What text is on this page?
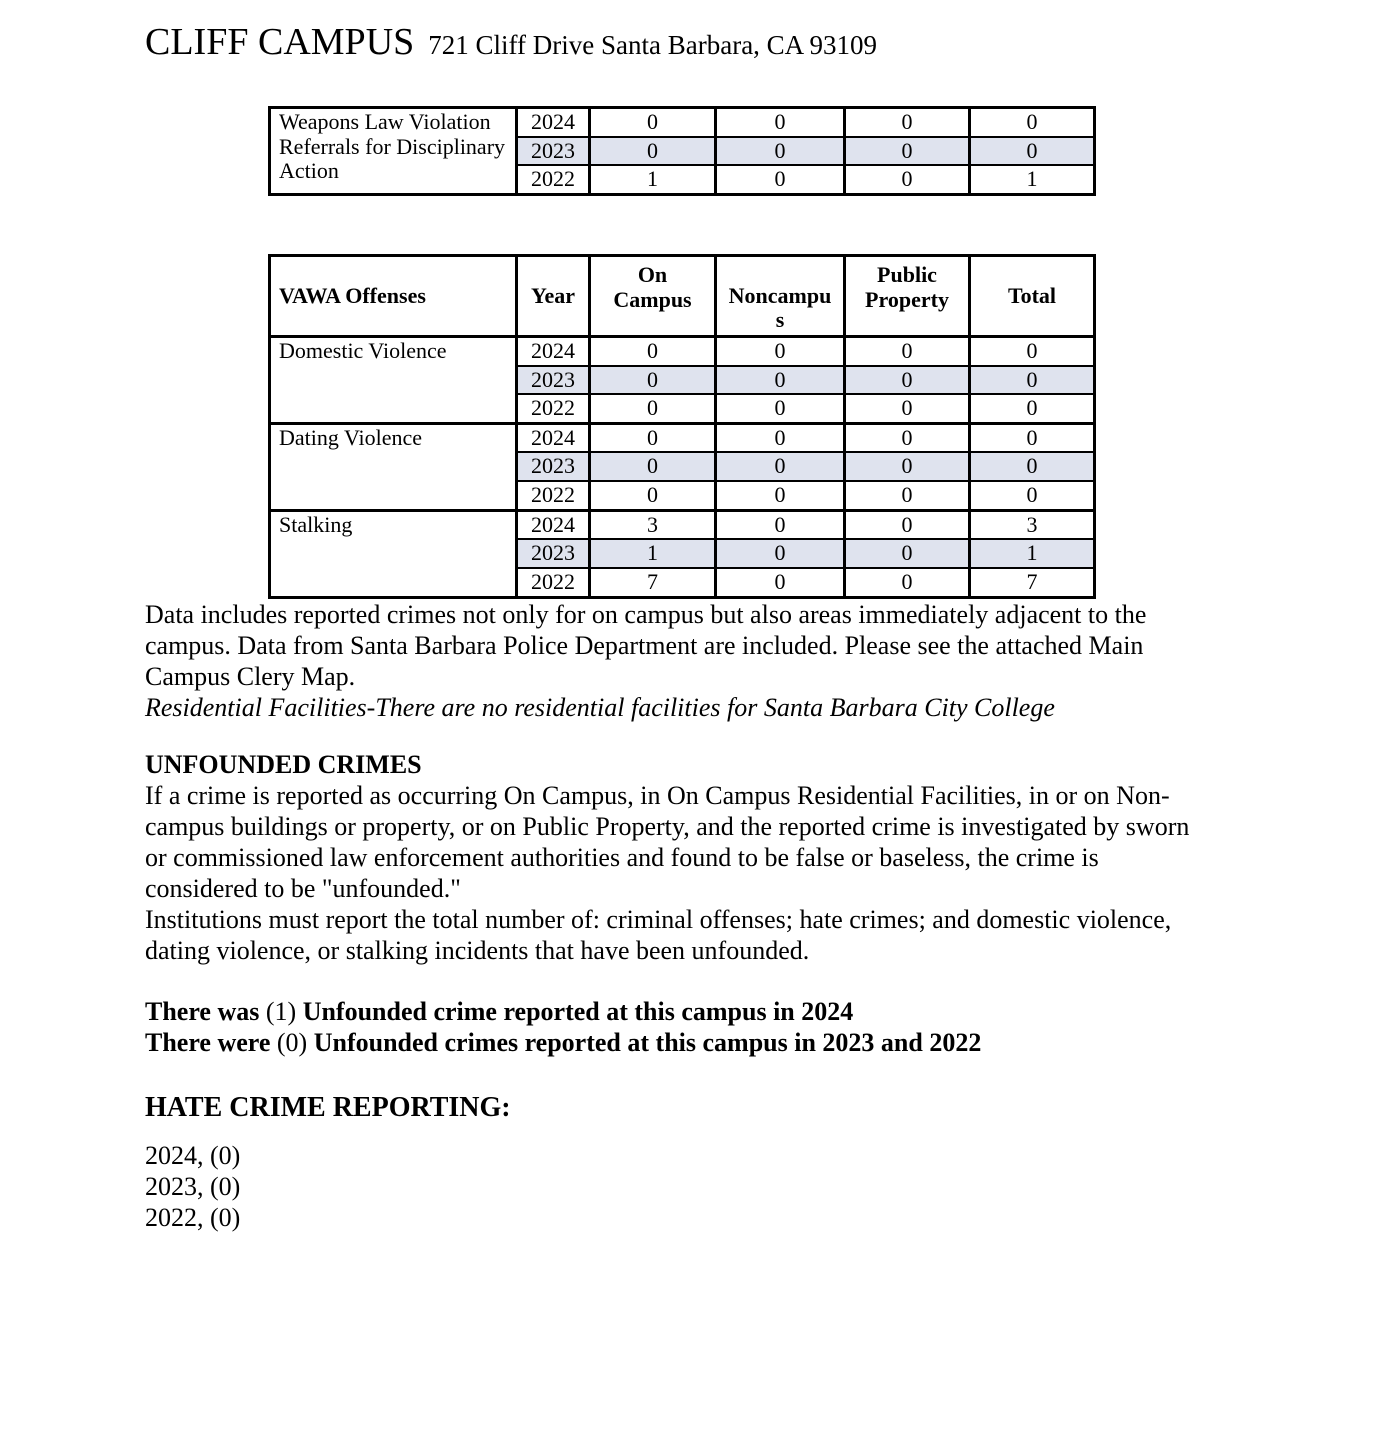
CLIFF CAMPUS 721 Cliff Drive Santa Barbara, CA 93109

Weapons Law Violation Referrals for Disciplinary Action	2024	0	0	0	0
	2023	0	0	0	0
	2022	1	0	0	1
VAWA Offenses	Year	On Campus	Noncampus	Public Property	Total
Domestic Violence	2024	0	0	0	0
	2023	0	0	0	0
	2022	0	0	0	0
Dating Violence	2024	0	0	0	0
	2023	0	0	0	0
	2022	0	0	0	0
Stalking	2024	3	0	0	3
	2023	1	0	0	1
	2022	7	0	0	7

Data includes reported crimes not only for on campus but also areas immediately adjacent to the campus. Data from Santa Barbara Police Department are included. Please see the attached Main Campus Clery Map.

Residential Facilities-There are no residential facilities for Santa Barbara City College

UNFOUNDED CRIMES

If a crime is reported as occurring On Campus, in On Campus Residential Facilities, in or on Non-campus buildings or property, or on Public Property, and the reported crime is investigated by sworn or commissioned law enforcement authorities and found to be false or baseless, the crime is considered to be "unfounded."

Institutions must report the total number of: criminal offenses; hate crimes; and domestic violence, dating violence, or stalking incidents that have been unfounded.

There was (1) Unfounded crime reported at this campus in 2024

There were (0) Unfounded crimes reported at this campus in 2023 and 2022

HATE CRIME REPORTING:
2024, (0)
2023, (0)
2022, (0)
